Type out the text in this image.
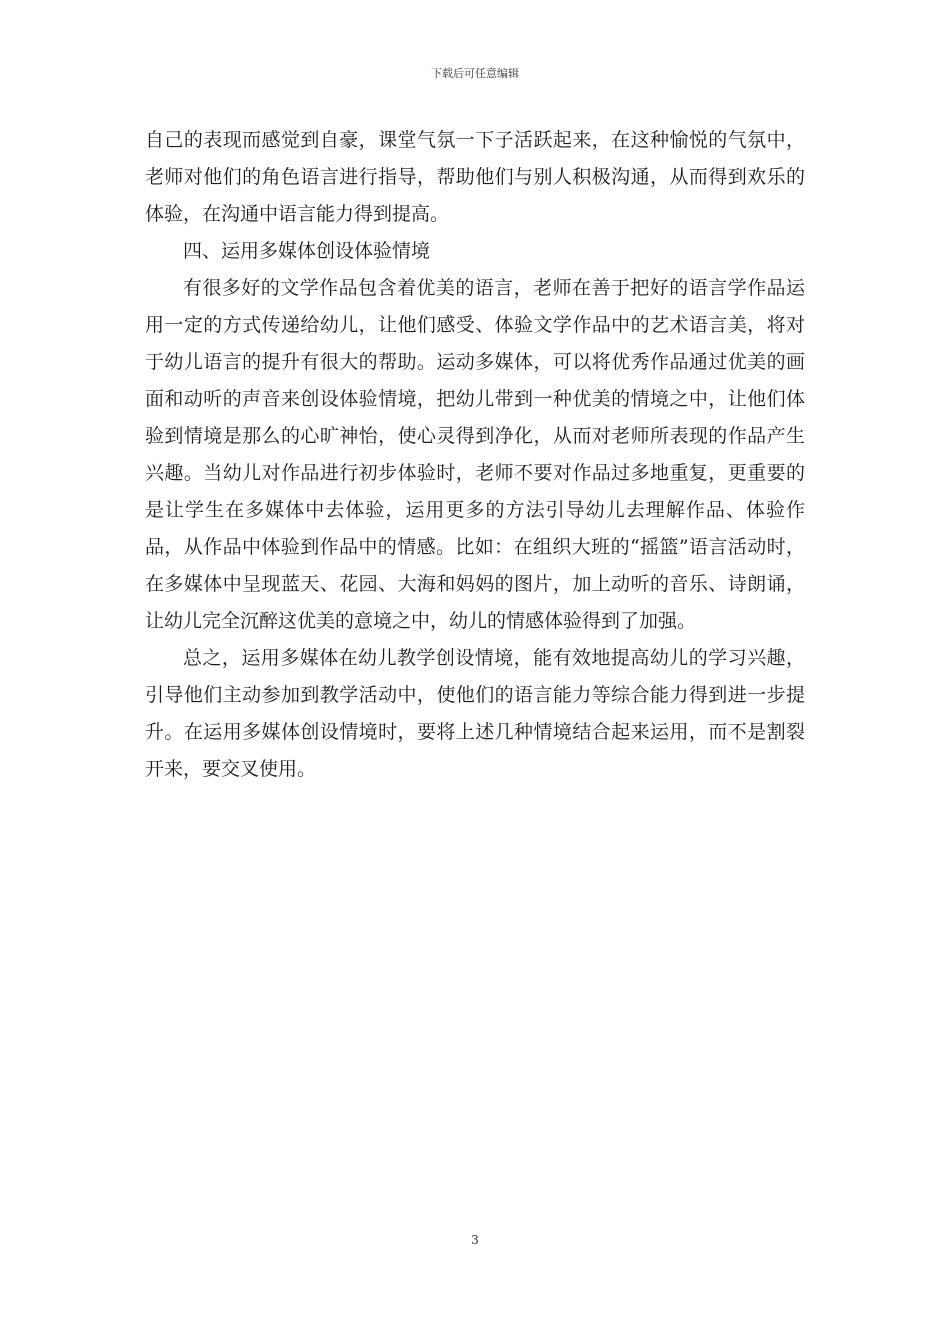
下载后可任意编辑

自己的表现而感觉到自豪，课堂气氛一下子活跃起来，在这种愉悦的气氛中，老师对他们的角色语言进行指导，帮助他们与别人积极沟通，从而得到欢乐的体验，在沟通中语言能力得到提高。

四、运用多媒体创设体验情境

有很多好的文学作品包含着优美的语言，老师在善于把好的语言学作品运用一定的方式传递给幼儿，让他们感受、体验文学作品中的艺术语言美，将对于幼儿语言的提升有很大的帮助。运动多媒体，可以将优秀作品通过优美的画面和动听的声音来创设体验情境，把幼儿带到一种优美的情境之中，让他们体验到情境是那么的心旷神怡，使心灵得到净化，从而对老师所表现的作品产生兴趣。当幼儿对作品进行初步体验时，老师不要对作品过多地重复，更重要的是让学生在多媒体中去体验，运用更多的方法引导幼儿去理解作品、体验作品，从作品中体验到作品中的情感。比如：在组织大班的“摇篮”语言活动时，在多媒体中呈现蓝天、花园、大海和妈妈的图片，加上动听的音乐、诗朗诵，让幼儿完全沉醉这优美的意境之中，幼儿的情感体验得到了加强。

总之，运用多媒体在幼儿教学创设情境，能有效地提高幼儿的学习兴趣，引导他们主动参加到教学活动中，使他们的语言能力等综合能力得到进一步提升。在运用多媒体创设情境时，要将上述几种情境结合起来运用，而不是割裂开来，要交叉使用。

3
